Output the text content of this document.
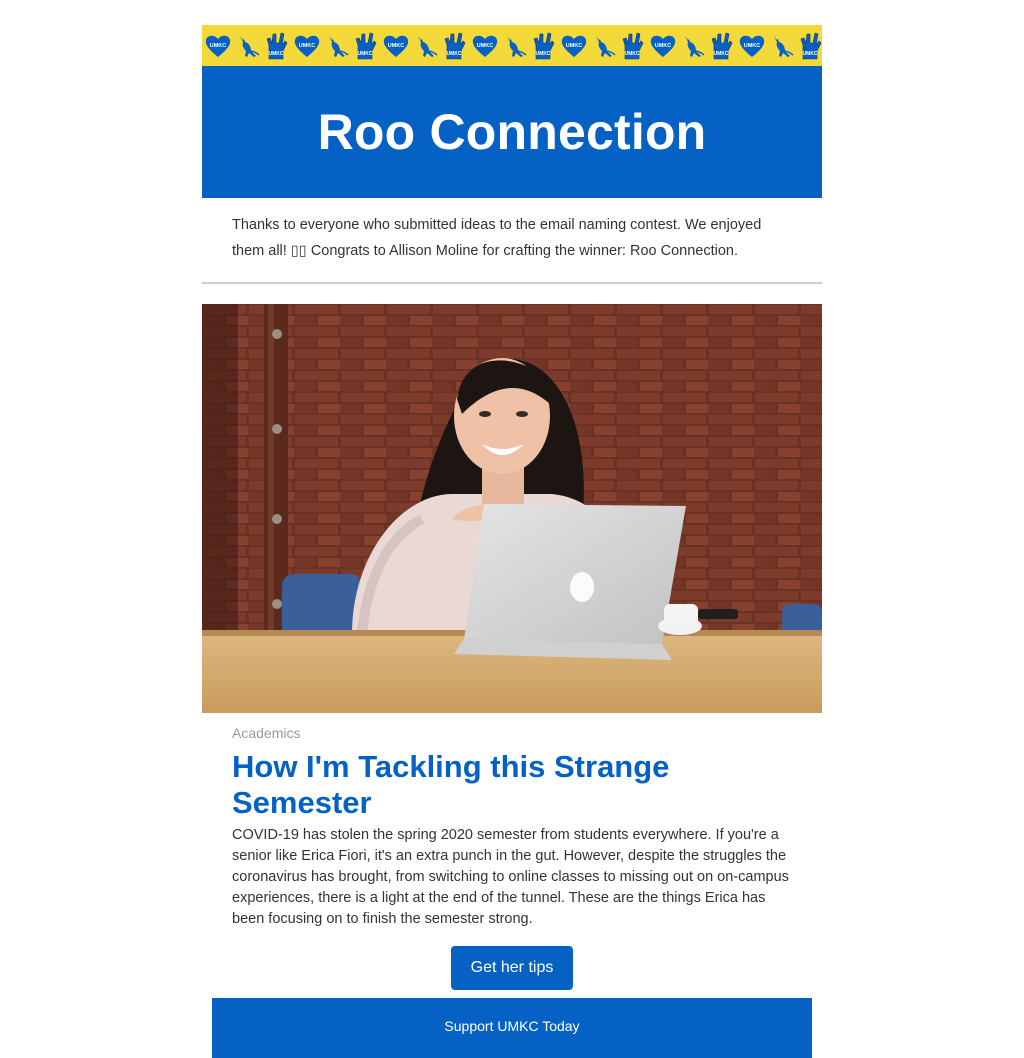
UMKC
UMKC
UMKC
UMKC
UMKC
UMKC
UMKC
UMKC
UMKC
UMKC
UMKC
UMKC
UMKC
UMKC
Roo Connection
Thanks to everyone who submitted ideas to the email naming contest. We enjoyed them all! ▯▯ Congrats to Allison Moline for crafting the winner: Roo Connection.
Academics
How I'm Tackling this Strange Semester

COVID-19 has stolen the spring 2020 semester from students everywhere. If you're a senior like Erica Fiori, it's an extra punch in the gut. However, despite the struggles the coronavirus has brought, from switching to online classes to missing out on on-campus experiences, there is a light at the end of the tunnel. These are the things Erica has been focusing on to finish the semester strong.

Get her tips
Support UMKC Today
